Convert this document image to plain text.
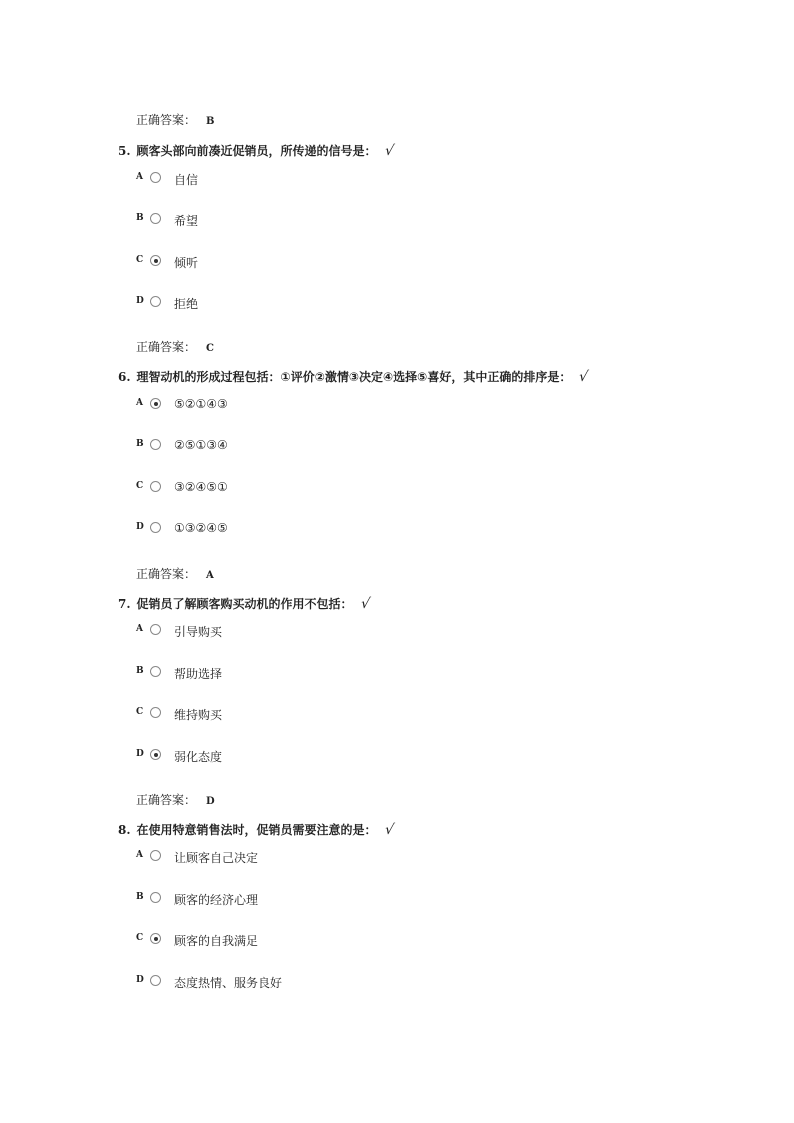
正确答案： B
5. 顾客头部向前凑近促销员，所传递的信号是： √
A	自信
B	希望
C	倾听
D	拒绝
正确答案： C
6. 理智动机的形成过程包括：①评价②激情③决定④选择⑤喜好，其中正确的排序是： √
A	⑤②①④③
B	②⑤①③④
C	③②④⑤①
D	①③②④⑤
正确答案： A
7. 促销员了解顾客购买动机的作用不包括： √
A	引导购买
B	帮助选择
C	维持购买
D	弱化态度
正确答案： D
8. 在使用特意销售法时，促销员需要注意的是： √
A	让顾客自己决定
B	顾客的经济心理
C	顾客的自我满足
D	态度热情、服务良好
